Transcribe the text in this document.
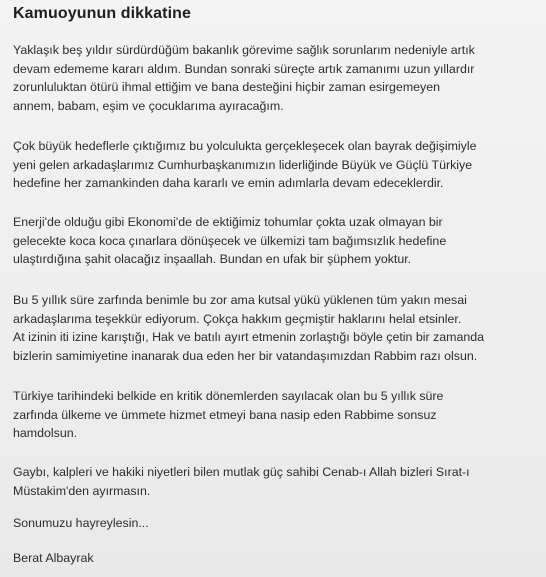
Kamuoyunun dikkatine

Yaklaşık beş yıldır sürdürdüğüm bakanlık görevime sağlık sorunlarım nedeniyle artık
devam edememe kararı aldım. Bundan sonraki süreçte artık zamanımı uzun yıllardır
zorunluluktan ötürü ihmal ettiğim ve bana desteğini hiçbir zaman esirgemeyen
annem, babam, eşim ve çocuklarıma ayıracağım.

Çok büyük hedeflerle çıktığımız bu yolculukta gerçekleşecek olan bayrak değişimiyle
yeni gelen arkadaşlarımız Cumhurbaşkanımızın liderliğinde Büyük ve Güçlü Türkiye
hedefine her zamankinden daha kararlı ve emin adımlarla devam edeceklerdir.

Enerji'de olduğu gibi Ekonomi'de de ektiğimiz tohumlar çokta uzak olmayan bir
gelecekte koca koca çınarlara dönüşecek ve ülkemizi tam bağımsızlık hedefine
ulaştırdığına şahit olacağız inşaallah. Bundan en ufak bir şüphem yoktur.

Bu 5 yıllık süre zarfında benimle bu zor ama kutsal yükü yüklenen tüm yakın mesai
arkadaşlarıma teşekkür ediyorum. Çokça hakkım geçmiştir haklarını helal etsinler.
At izinin iti izine karıştığı, Hak ve batılı ayırt etmenin zorlaştığı böyle çetin bir zamanda
bizlerin samimiyetine inanarak dua eden her bir vatandaşımızdan Rabbim razı olsun.

Türkiye tarihindeki belkide en kritik dönemlerden sayılacak olan bu 5 yıllık süre
zarfında ülkeme ve ümmete hizmet etmeyi bana nasip eden Rabbime sonsuz
hamdolsun.

Gaybı, kalpleri ve hakiki niyetleri bilen mutlak güç sahibi Cenab-ı Allah bizleri Sırat-ı
Müstakim'den ayırmasın.

Sonumuzu hayreylesin...

Berat Albayrak
